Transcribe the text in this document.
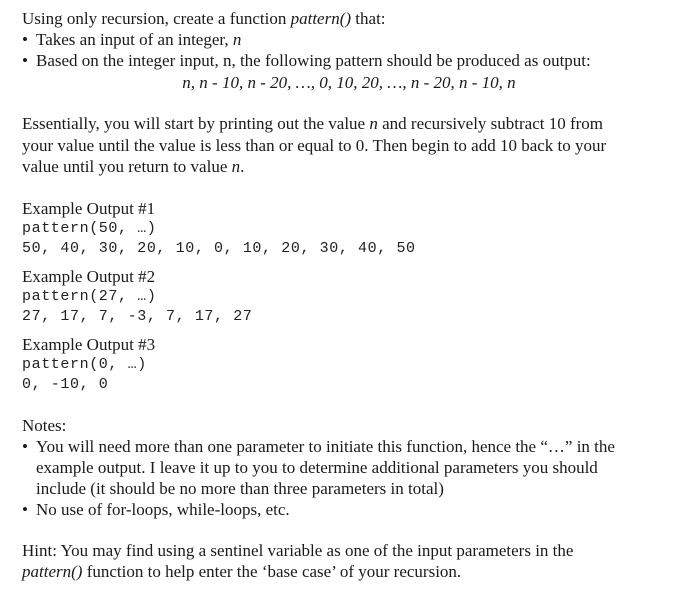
Using only recursion, create a function pattern() that:
• Takes an input of an integer, n
• Based on the integer input, n, the following pattern should be produced as output:
n, n - 10, n - 20, …, 0, 10, 20, …, n - 20, n - 10, n
Essentially, you will start by printing out the value n and recursively subtract 10 from
your value until the value is less than or equal to 0. Then begin to add 10 back to your
value until you return to value n.
Example Output #1
pattern(50, …)
50, 40, 30, 20, 10, 0, 10, 20, 30, 40, 50
Example Output #2
pattern(27, …)
27, 17, 7, -3, 7, 17, 27
Example Output #3
pattern(0, …)
0, -10, 0
Notes:
• You will need more than one parameter to initiate this function, hence the “…” in the
example output. I leave it up to you to determine additional parameters you should
include (it should be no more than three parameters in total)
• No use of for-loops, while-loops, etc.
Hint: You may find using a sentinel variable as one of the input parameters in the
pattern() function to help enter the ‘base case’ of your recursion.
